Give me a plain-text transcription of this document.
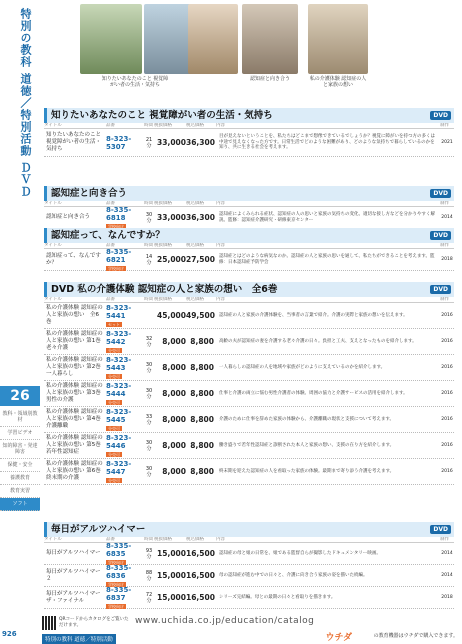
特別の教科 道徳／特別活動 ＤＶＤ
26
教科・領域別教材
学習ビデオ
知的障害・発達障害
保健・安全
養護教育
教育実習
ソフト
926
知りたいあなたのこと 視覚障がい者の生活・気持ち
認知症と向き合う	私の介護体験 認知症の人と家族の想い
知りたいあなたのこと 視覚障がい者の生活・気持ち	DVD
タイトル	品番	時間 税抜価格	税込価格	内容	制作
知りたいあなたのこと 視覚障がい者の生活・気持ち
8-323-5307
21分 33,000 36,300
目が見えないということを、私たちはどこまで想像できているでしょうか？視覚に障がいを持つ方の多くは中途で見えなくなった方です。日常生活でどのような困難があり、どのような気持ちで暮らしているのかを知り、共に生きる社会を考えます。
2021
認知症と向き合う	DVD
タイトル	品番	時間 税抜価格	税込価格	内容	制作
認知症と向き合う
8-335-6818
学校向け
30分 33,000 36,300 認知症によくみられる症状、認知症の人の思いと家族の気持ちの変化、適切な接し方などを分かりやすく解説。監修：認知症介護研究・研修東京センター	2014
認知症って、なんですか？	DVD
タイトル	品番	時間 税抜価格	税込価格	内容	制作
認知症って、なんですか？
8-335-6821
学校向け
14分 25,000 27,500 認知症とはどのような病気なのか。認知症の人と家族の思いを通して、私たちができることを考えます。監修：日本認知症予防学会	2018
DVD 私の介護体験 認知症の人と家族の想い　全6巻	DVD
タイトル	品番	時間 税抜価格	税込価格	内容	制作
私の介護体験 認知症の人と家族の想い　全6巻
8-323-5441
セット
45,000 49,500 認知症の人と家族の介護体験を、当事者の言葉で紹介。介護の実際と家族の想いを伝えます。	2016
私の介護体験 認知症の人と家族の想い 第1巻　老々介護
8-323-5442
分売可
32分	8,000 8,800	高齢の夫が認知症の妻を介護する老々介護の日々。負担と工夫、支えとなったものを紹介します。	2016
私の介護体験 認知症の人と家族の想い 第2巻　一人暮らし
8-323-5443
分売可
30分	8,000 8,800	一人暮らしの認知症の人を地域や家族がどのように支えているのかを紹介します。	2016
私の介護体験 認知症の人と家族の想い 第3巻　男性の介護
8-323-5444
分売可
30分	8,000 8,800	仕事と介護の両立に悩む男性介護者の体験。周囲の協力と介護サービスの活用を紹介します。	2016
私の介護体験 認知症の人と家族の想い 第4巻　介護離職
8-323-5445
分売可
33分	8,000 8,800	介護のために仕事を辞めた家族の体験から、介護離職の現状と支援について考えます。	2016
私の介護体験 認知症の人と家族の想い 第5巻　若年性認知症
8-323-5446
分売可
30分	8,000 8,800	働き盛りで若年性認知症と診断された本人と家族の想い、支援の在り方を紹介します。	2016
私の介護体験 認知症の人と家族の想い 第6巻　終末期の介護
8-323-5447
分売可
30分	8,000 8,800	終末期を迎えた認知症の人を看取った家族の体験。最期まで寄り添う介護を考えます。	2016
毎日がアルツハイマー	DVD
タイトル	品番	時間 税抜価格	税込価格	内容	制作
毎日がアルツハイマー
8-335-6835
学校向け
93分 15,000 16,500 認知症の母と娘の日常を、娘である監督自らが撮影したドキュメンタリー映画。	2014
毎日がアルツハイマー２
8-335-6836
学校向け
88分 15,000 16,500 母の認知症が進む中での日々と、介護に向き合う家族の姿を描いた続編。	2014
毎日がアルツハイマー ザ・ファイナル
8-335-6837
学校向け
72分 15,000 16,500 シリーズ完結編。母との最期の日々と看取りを描きます。	2018
QRコードからカタログをご覧いただけます。	www.uchida.co.jp/education/catalog
ウチダ	の教育機器はウチダで購入できます。
特別の教科 道徳／特別活動
